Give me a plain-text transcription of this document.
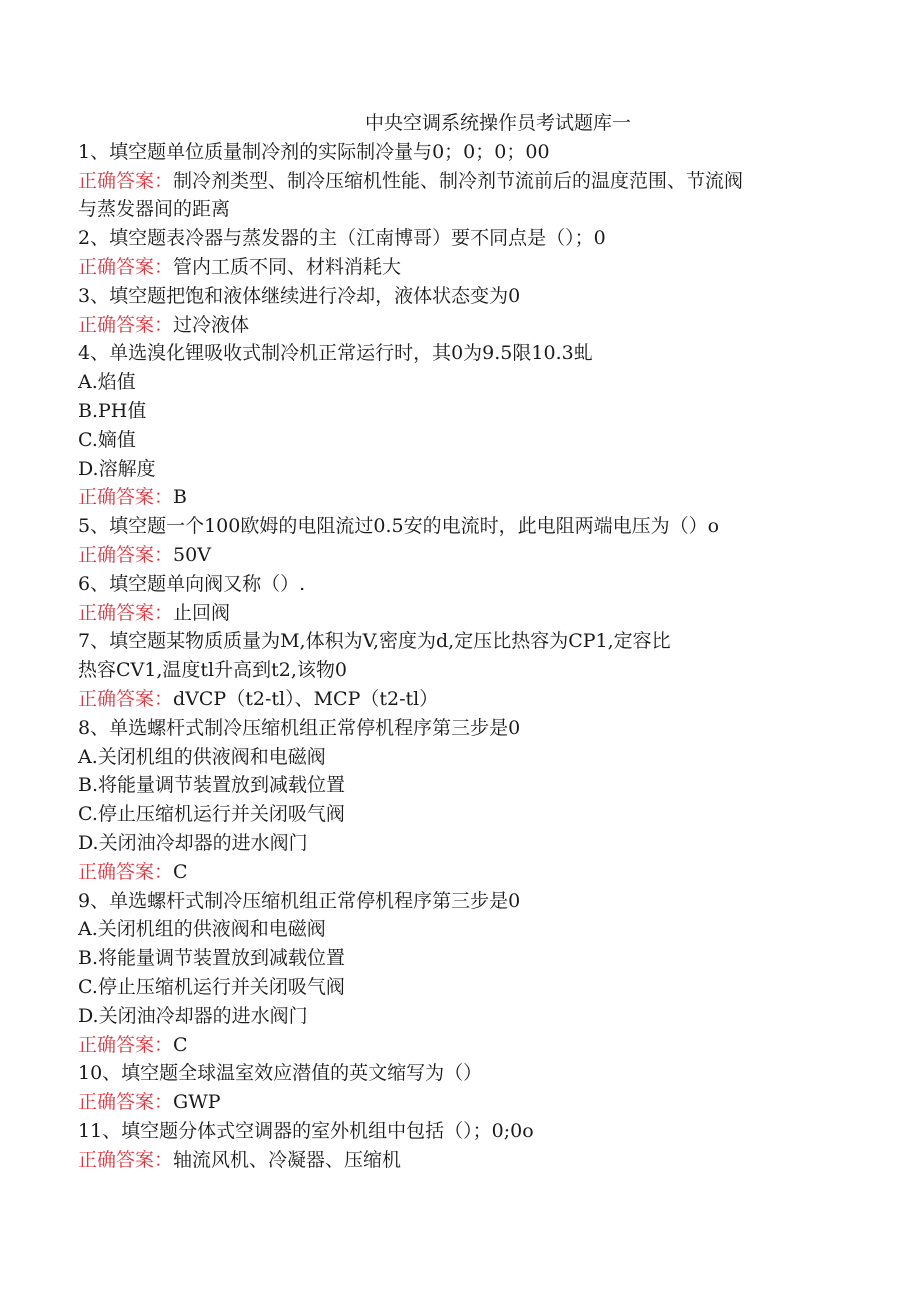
中央空调系统操作员考试题库一

1、填空题单位质量制冷剂的实际制冷量与0；0；0；00

正确答案：制冷剂类型、制冷压缩机性能、制冷剂节流前后的温度范围、节流阀

与蒸发器间的距离

2、填空题表冷器与蒸发器的主（江南博哥）要不同点是（）；0

正确答案：管内工质不同、材料消耗大

3、填空题把饱和液体继续进行冷却，液体状态变为0

正确答案：过冷液体

4、单选溴化锂吸收式制冷机正常运行时，其0为9.5限10.3虬

A.焰值

B.PH值

C.嫡值

D.溶解度

正确答案：B

5、填空题一个100欧姆的电阻流过0.5安的电流时，此电阻两端电压为（）o

正确答案：50V

6、填空题单向阀又称（）.

正确答案：止回阀

7、填空题某物质质量为M,体积为V,密度为d,定压比热容为CP1,定容比

热容CV1,温度tl升高到t2,该物0

正确答案：dVCP（t2-tl）、MCP（t2-tl）

8、单选螺杆式制冷压缩机组正常停机程序第三步是0

A.关闭机组的供液阀和电磁阀

B.将能量调节装置放到减载位置

C.停止压缩机运行并关闭吸气阀

D.关闭油冷却器的进水阀门

正确答案：C

9、单选螺杆式制冷压缩机组正常停机程序第三步是0

A.关闭机组的供液阀和电磁阀

B.将能量调节装置放到减载位置

C.停止压缩机运行并关闭吸气阀

D.关闭油冷却器的进水阀门

正确答案：C

10、填空题全球温室效应潜值的英文缩写为（）

正确答案：GWP

11、填空题分体式空调器的室外机组中包括（）；0;0o

正确答案：轴流风机、冷凝器、压缩机
